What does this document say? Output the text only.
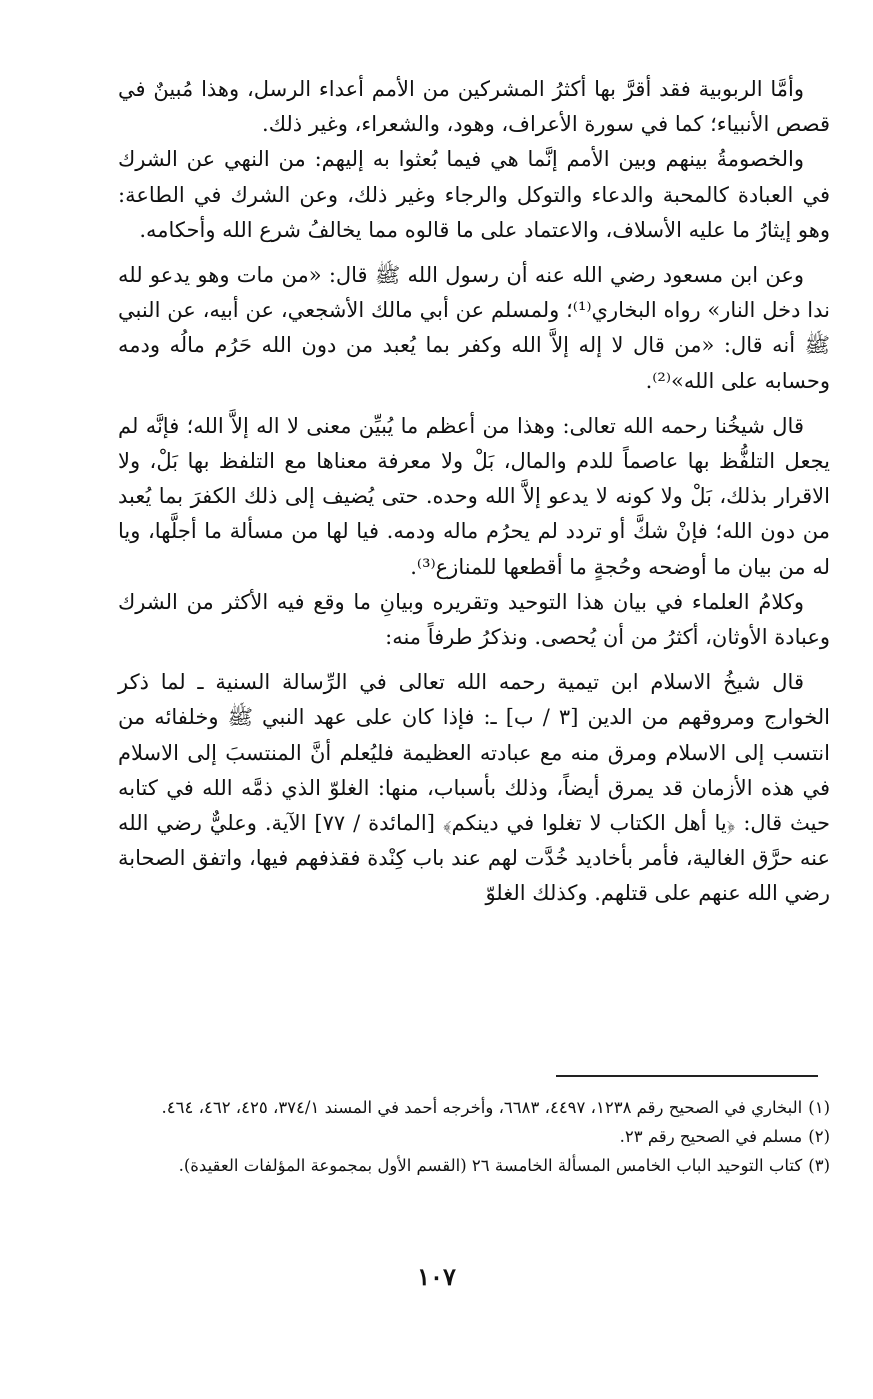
وأمَّا الربوبية فقد أقرَّ بها أكثرُ المشركين من الأمم أعداء الرسل، وهذا مُبينٌ في قصص الأنبياء؛ كما في سورة الأعراف، وهود، والشعراء، وغير ذلك.

والخصومةُ بينهم وبين الأمم إنَّما هي فيما بُعثوا به إليهم: من النهي عن الشرك في العبادة كالمحبة والدعاء والتوكل والرجاء وغير ذلك، وعن الشرك في الطاعة: وهو إيثارُ ما عليه الأسلاف، والاعتماد على ما قالوه مما يخالفُ شرع الله وأحكامه.

وعن ابن مسعود رضي الله عنه أن رسول الله ﷺ قال: «من مات وهو يدعو لله ندا دخل النار» رواه البخاري⁽¹⁾؛ ولمسلم عن أبي مالك الأشجعي، عن أبيه، عن النبي ﷺ أنه قال: «من قال لا إله إلاَّ الله وكفر بما يُعبد من دون الله حَرُم مالُه ودمه وحسابه على الله»⁽²⁾.

قال شيخُنا رحمه الله تعالى: وهذا من أعظم ما يُبيِّن معنى لا اله إلاَّ الله؛ فإنَّه لم يجعل التلفُّظ بها عاصماً للدم والمال، بَلْ ولا معرفة معناها مع التلفظ بها بَلْ، ولا الاقرار بذلك، بَلْ ولا كونه لا يدعو إلاَّ الله وحده. حتى يُضيف إلى ذلك الكفرَ بما يُعبد من دون الله؛ فإنْ شكَّ أو تردد لم يحرُم ماله ودمه. فيا لها من مسألة ما أجلَّها، ويا له من بيان ما أوضحه وحُجةٍ ما أقطعها للمنازع⁽³⁾.

وكلامُ العلماء في بيان هذا التوحيد وتقريره وبيانِ ما وقع فيه الأكثر من الشرك وعبادة الأوثان، أكثرُ من أن يُحصى. ونذكرُ طرفاً منه:

قال شيخُ الاسلام ابن تيمية رحمه الله تعالى في الرِّسالة السنية ـ لما ذكر الخوارج ومروقهم من الدين [٣ / ب] ـ: فإذا كان على عهد النبي ﷺ وخلفائه من انتسب إلى الاسلام ومرق منه مع عبادته العظيمة فليُعلم أنَّ المنتسبَ إلى الاسلام في هذه الأزمان قد يمرق أيضاً، وذلك بأسباب، منها: الغلوّ الذي ذمَّه الله في كتابه حيث قال: ﴿يا أهل الكتاب لا تغلوا في دينكم﴾ [المائدة / ٧٧] الآية. وعليٌّ رضي الله عنه حرَّق الغالية، فأمر بأخاديد خُدَّت لهم عند باب كِنْدة فقذفهم فيها، واتفق الصحابة رضي الله عنهم على قتلهم. وكذلك الغلوّ

(١)البخاري في الصحيح رقم ١٢٣٨، ٤٤٩٧، ٦٦٨٣، وأخرجه أحمد في المسند ٣٧٤/١، ٤٢٥، ٤٦٢، ٤٦٤.

(٢)مسلم في الصحيح رقم ٢٣.

(٣)كتاب التوحيد الباب الخامس المسألة الخامسة ٢٦ (القسم الأول بمجموعة المؤلفات العقيدة).

١٠٧
